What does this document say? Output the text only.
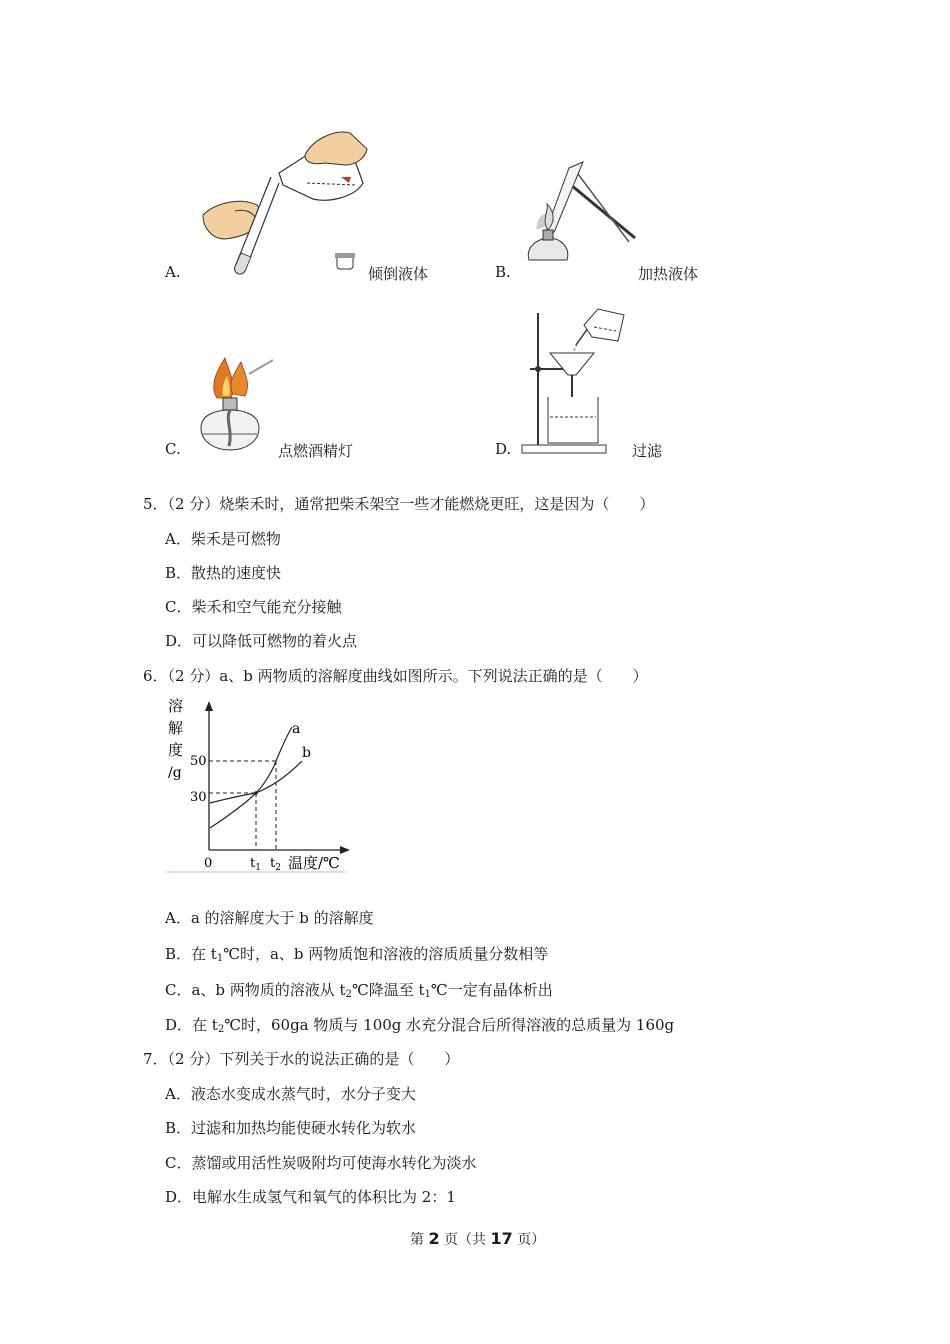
A.	倾倒液体	B.	加热液体
C.	点燃酒精灯	D.	过滤
5．（2 分）烧柴禾时，通常把柴禾架空一些才能燃烧更旺，这是因为（　　）
A．柴禾是可燃物
B．散热的速度快
C．柴禾和空气能充分接触
D．可以降低可燃物的着火点
6．（2 分）a、b 两物质的溶解度曲线如图所示。下列说法正确的是（　　）
溶
解
度
/g
50
30
0	$t_1$ $t_2$ 温度/℃
a
b
A．a 的溶解度大于 b 的溶解度
B．在 $t_1℃$时，a、b 两物质饱和溶液的溶质质量分数相等
C．a、b 两物质的溶液从 $t_2℃$降温至 $t_1℃$一定有晶体析出
D．在 $t_2℃$时，60ga 物质与 100g 水充分混合后所得溶液的总质量为 160g
7．（2 分）下列关于水的说法正确的是（　　）
A．液态水变成水蒸气时，水分子变大
B．过滤和加热均能使硬水转化为软水
C．蒸馏或用活性炭吸附均可使海水转化为淡水
D．电解水生成氢气和氧气的体积比为 2：1
第 2 页（共 17 页）
